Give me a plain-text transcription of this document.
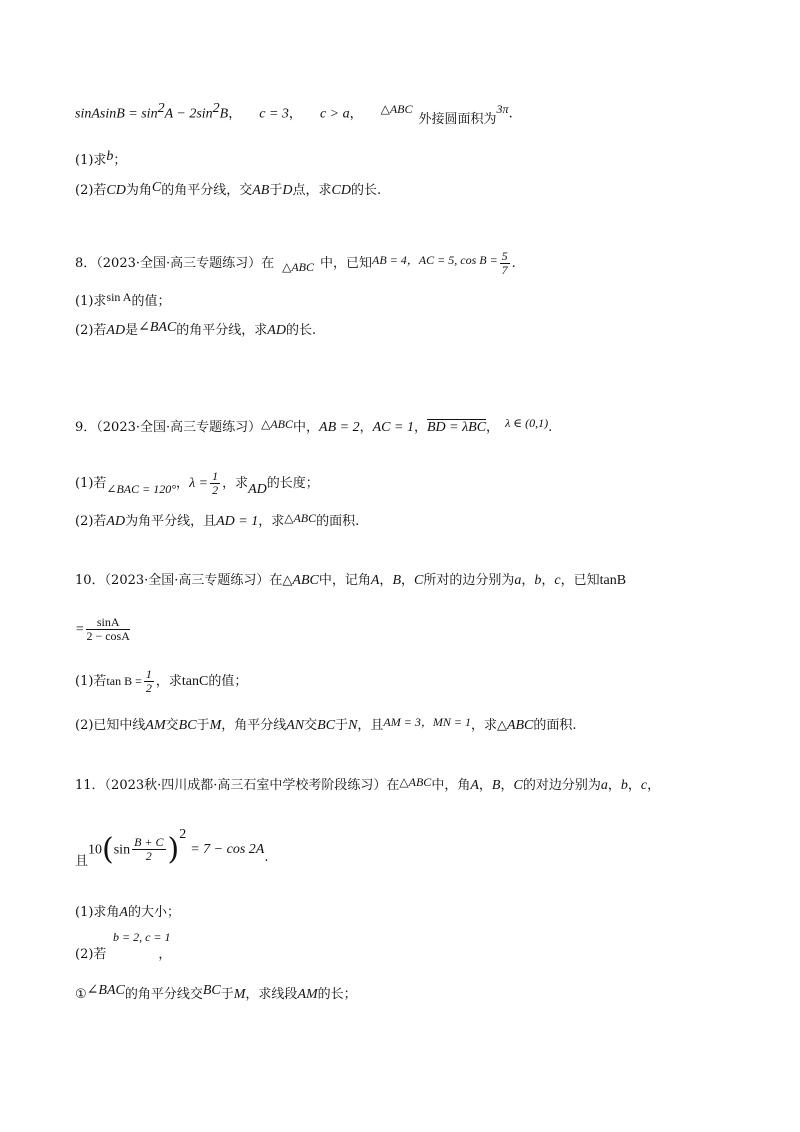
sinAsinB = $\sin^2A - 2\sin^2B$， c = 3， c > a， △ABC外接圆面积为3π.
(1)求b；
(2)若CD为角C的角平分线，交AB于D点，求CD的长.
8．（2023·全国·高三专题练习）在 △ABC 中，已知AB = 4，AC = 5, $\cos B = \frac{5}{7}$ .
(1)求sin A的值；
(2)若AD是∠BAC的角平分线，求AD的长.
9．（2023·全国·高三专题练习）△ABC中，AB = 2，AC = 1，BD = λBC， λ ∈ (0,1).
(1)若∠BAC = 120°，$\lambda = \frac{1}{2}$ ，求AD的长度；
(2)若AD为角平分线，且AD = 1，求△ABC的面积.
10．（2023·全国·高三专题练习）在△ABC中，记角A，B，C所对的边分别为a，b，c，已知tanB
= $\frac{\sin A}{2 - \cos A}$
(1)若$\tan B = \frac{1}{2}$ ，求tanC的值；
(2)已知中线AM交BC于M，角平分线AN交BC于N，且AM = 3，MN = 1，求△ABC的面积.
11．（2023秋·四川成都·高三石室中学校考阶段练习）在△ABC中，角A，B，C的对边分别为a，b，c，
且$10(\sin \frac{B + C}{2} )^2= 7 - \cos 2A$.
(1)求角A的大小；
b = 2, c = 1
(2)若	，
①∠BAC的角平分线交BC于M，求线段AM的长；
